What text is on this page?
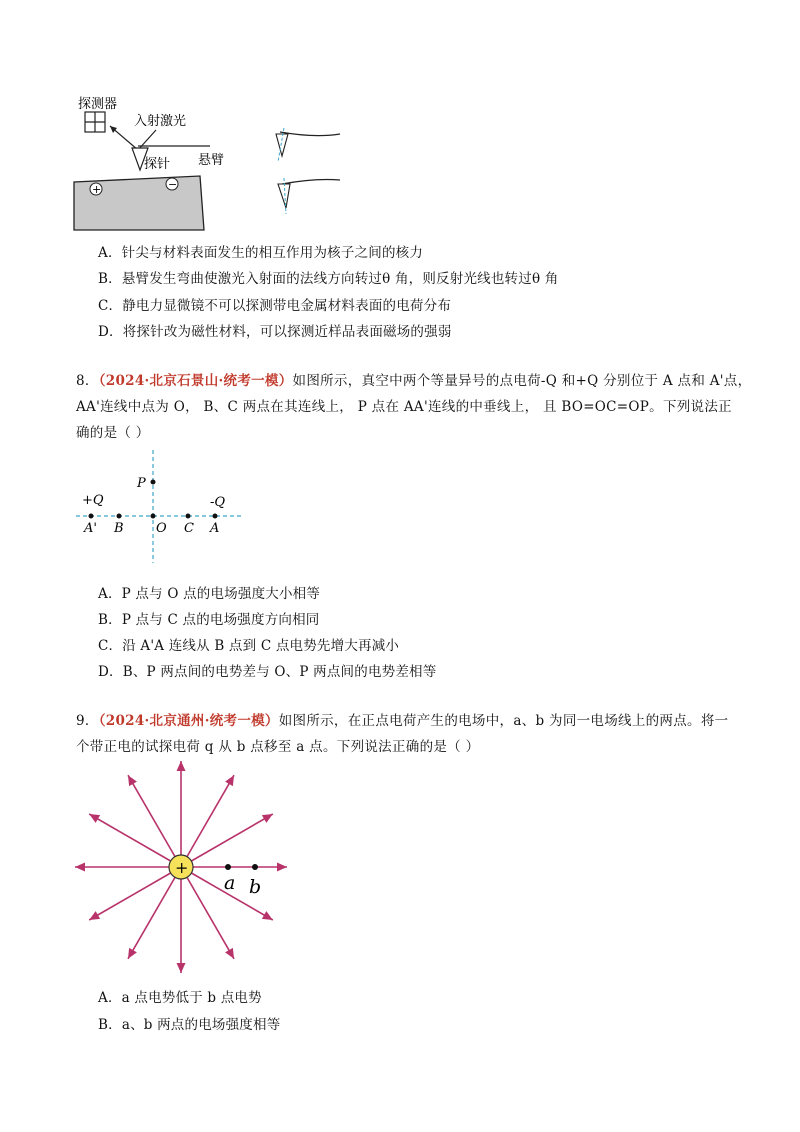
探测器
入射激光
探针 悬臂
+	−
A．针尖与材料表面发生的相互作用为核子之间的核力
B．悬臂发生弯曲使激光入射面的法线方向转过θ 角，则反射光线也转过θ 角
C．静电力显微镜不可以探测带电金属材料表面的电荷分布
D．将探针改为磁性材料，可以探测近样品表面磁场的强弱
8．（2024·北京石景山·统考一模）如图所示，真空中两个等量异号的点电荷-Q 和+Q 分别位于 A 点和 A'点，
AA'连线中点为 O， B、C 两点在其连线上， P 点在 AA'连线的中垂线上， 且 BO=OC=OP。下列说法正
确的是（ ）
+Q	-Q
A' B O C A
P
A．P 点与 O 点的电场强度大小相等
B．P 点与 C 点的电场强度方向相同
C．沿 A'A 连线从 B 点到 C 点电势先增大再减小
D．B、P 两点间的电势差与 O、P 两点间的电势差相等
9．（2024·北京通州·统考一模）如图所示，在正点电荷产生的电场中，a、b 为同一电场线上的两点。将一
个带正电的试探电荷 q 从 b 点移至 a 点。下列说法正确的是（ ）
+
a b
A．a 点电势低于 b 点电势
B．a、b 两点的电场强度相等
